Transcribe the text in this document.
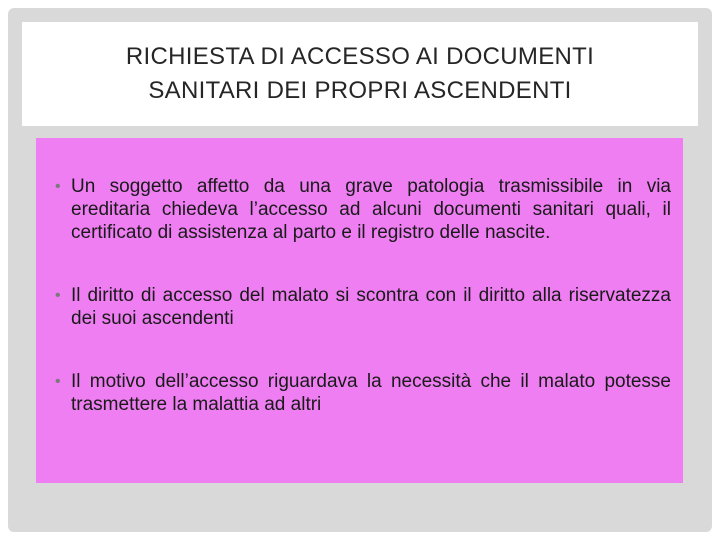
RICHIESTA DI ACCESSO AI DOCUMENTI
SANITARI DEI PROPRI ASCENDENTI
• Un soggetto affetto da una grave patologia trasmissibile in via ereditaria chiedeva l’accesso ad alcuni documenti sanitari quali, il certificato di assistenza al parto e il registro delle nascite.
• Il diritto di accesso del malato si scontra con il diritto alla riservatezza dei suoi ascendenti
• Il motivo dell’accesso riguardava la necessità che il malato potesse trasmettere la malattia ad altri
